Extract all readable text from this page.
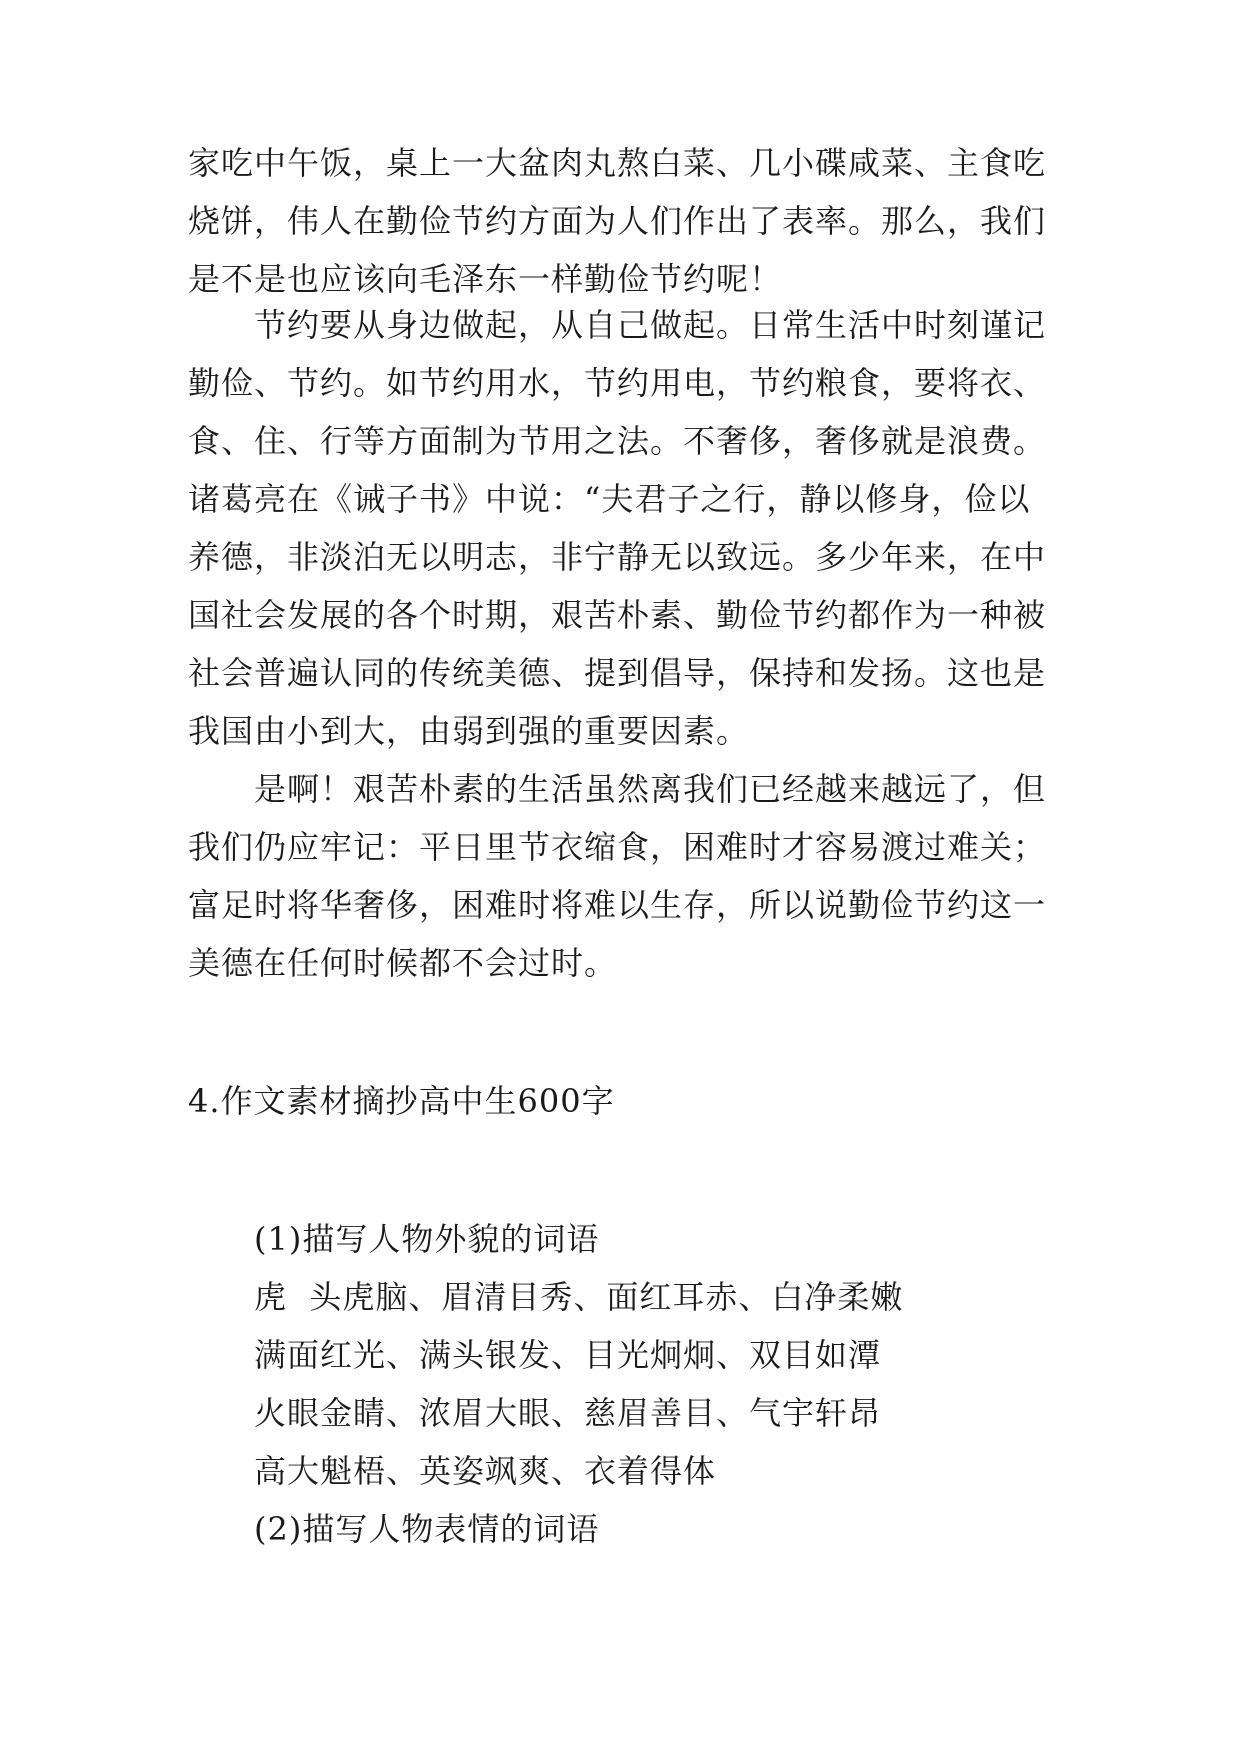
家吃中午饭，桌上一大盆肉丸熬白菜、几小碟咸菜、主食吃
烧饼，伟人在勤俭节约方面为人们作出了表率。那么，我们
是不是也应该向毛泽东一样勤俭节约呢！
节约要从身边做起，从自己做起。日常生活中时刻谨记
勤俭、节约。如节约用水，节约用电，节约粮食，要将衣、
食、住、行等方面制为节用之法。不奢侈，奢侈就是浪费。
诸葛亮在《诫子书》中说：“夫君子之行，静以修身，俭以
养德，非淡泊无以明志，非宁静无以致远。多少年来，在中
国社会发展的各个时期，艰苦朴素、勤俭节约都作为一种被
社会普遍认同的传统美德、提到倡导，保持和发扬。这也是
我国由小到大，由弱到强的重要因素。
是啊！艰苦朴素的生活虽然离我们已经越来越远了，但
我们仍应牢记：平日里节衣缩食，困难时才容易渡过难关；
富足时将华奢侈，困难时将难以生存，所以说勤俭节约这一
美德在任何时候都不会过时。
4.作文素材摘抄高中生600字
(1)描写人物外貌的词语
虎  头虎脑、眉清目秀、面红耳赤、白净柔嫩
满面红光、满头银发、目光炯炯、双目如潭
火眼金睛、浓眉大眼、慈眉善目、气宇轩昂
高大魁梧、英姿飒爽、衣着得体
(2)描写人物表情的词语
